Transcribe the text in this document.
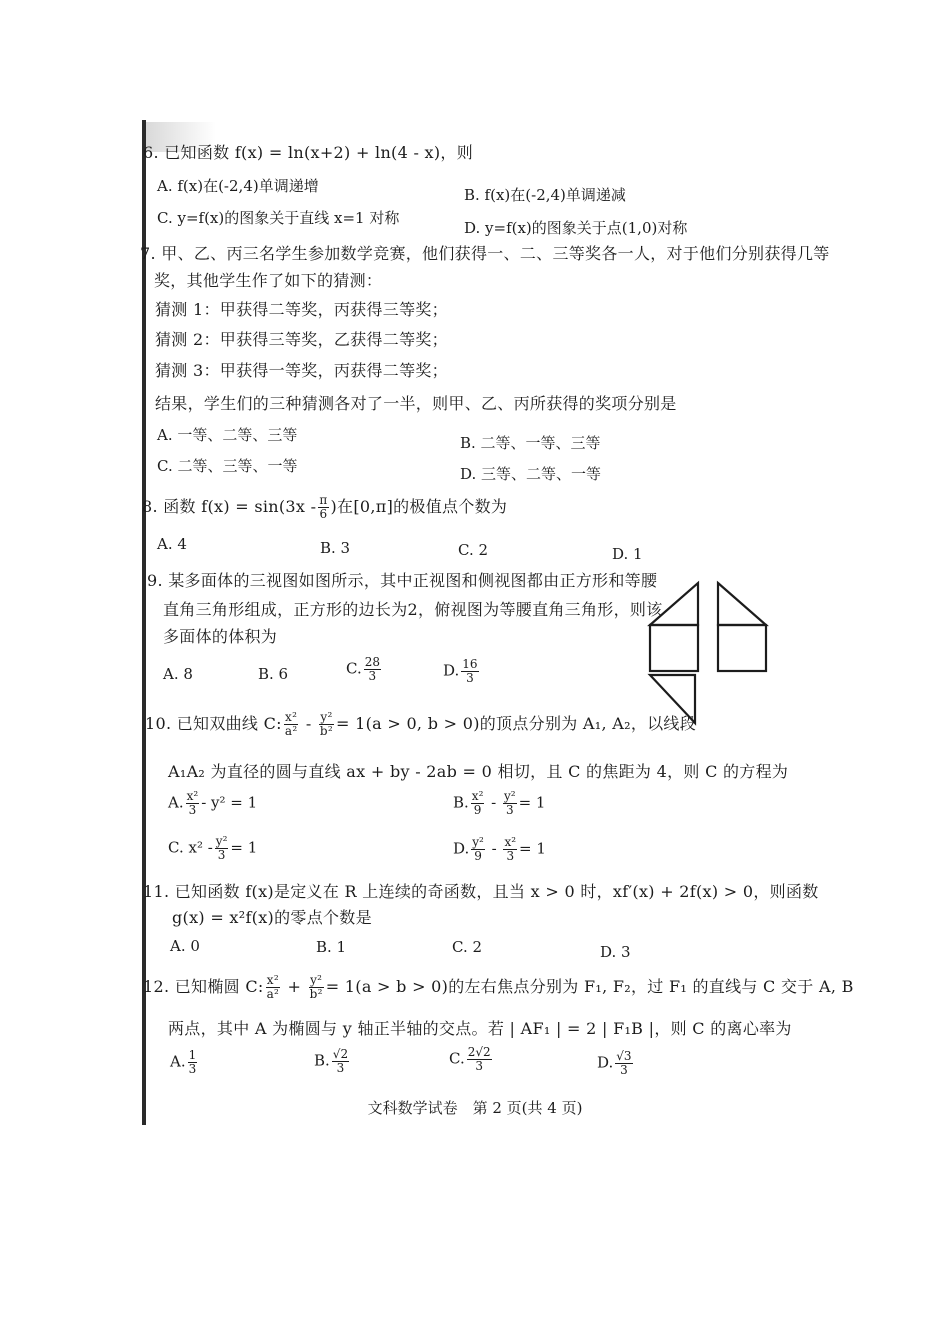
6. 已知函数 f(x) = ln(x+2) + ln(4 - x)，则
A. f(x)在(-2,4)单调递增	B. f(x)在(-2,4)单调递减
C. y=f(x)的图象关于直线 x=1 对称
D. y=f(x)的图象关于点(1,0)对称
7. 甲、乙、丙三名学生参加数学竞赛，他们获得一、二、三等奖各一人，对于他们分别获得几等
奖，其他学生作了如下的猜测：
猜测 1：甲获得二等奖，丙获得三等奖；
猜测 2：甲获得三等奖，乙获得二等奖；
猜测 3：甲获得一等奖，丙获得二等奖；
结果，学生们的三种猜测各对了一半，则甲、乙、丙所获得的奖项分别是
A. 一等、二等、三等	B. 二等、一等、三等
C. 二等、三等、一等	D. 三等、二等、一等
8. 函数 $f(x) = \sin(3x - \frac{\pi}{6}$ )在[0,π]的极值点个数为
A. 4	B. 3	C. 2	D. 1
9. 某多面体的三视图如图所示，其中正视图和侧视图都由正方形和等腰
直角三角形组成，正方形的边长为2，俯视图为等腰直角三角形，则该
多面体的体积为
A. 8	B. 6	C. $\frac{28}{3}$	D. $\frac{16}{3}$
10. 已知双曲线 C: $\frac{\text{x²}}{\text{a²}} - \frac{\text{y²}}{\text{b²}} = 1(a > 0$, b > 0)的顶点分别为 A₁, A₂，以线段
A₁A₂ 为直径的圆与直线 ax + by - 2ab = 0 相切，且 C 的焦距为 4，则 C 的方程为
A. $\frac{\text{x²}}{3} - y^2 = 1$	B. $\frac{\text{x²}}{9} - \frac{\text{y²}}{3} = 1$
C. $x^2 - \frac{\text{y²}}{3} = 1$	D. $\frac{\text{y²}}{9} - \frac{\text{x²}}{3} = 1$
11. 已知函数 f(x)是定义在 R 上连续的奇函数，且当 x > 0 时，xf′(x) + 2f(x) > 0，则函数
g(x) = x²f(x)的零点个数是
A. 0	B. 1	C. 2	D. 3
12. 已知椭圆 C: $\frac{\text{x²}}{\text{a²}} + \frac{\text{y²}}{\text{b²}} = 1(a > b > 0)$的左右焦点分别为 F₁, F₂，过 F₁ 的直线与 C 交于 A, B
两点，其中 A 为椭圆与 y 轴正半轴的交点。若 | AF₁ | = 2 | F₁B |，则 C 的离心率为
A. $\frac{1}{3}$	B. $\frac{√2}{3}$	C. $\frac{2√2}{3}$	D. $\frac{√3}{3}$
文科数学试卷　第 2 页(共 4 页)
